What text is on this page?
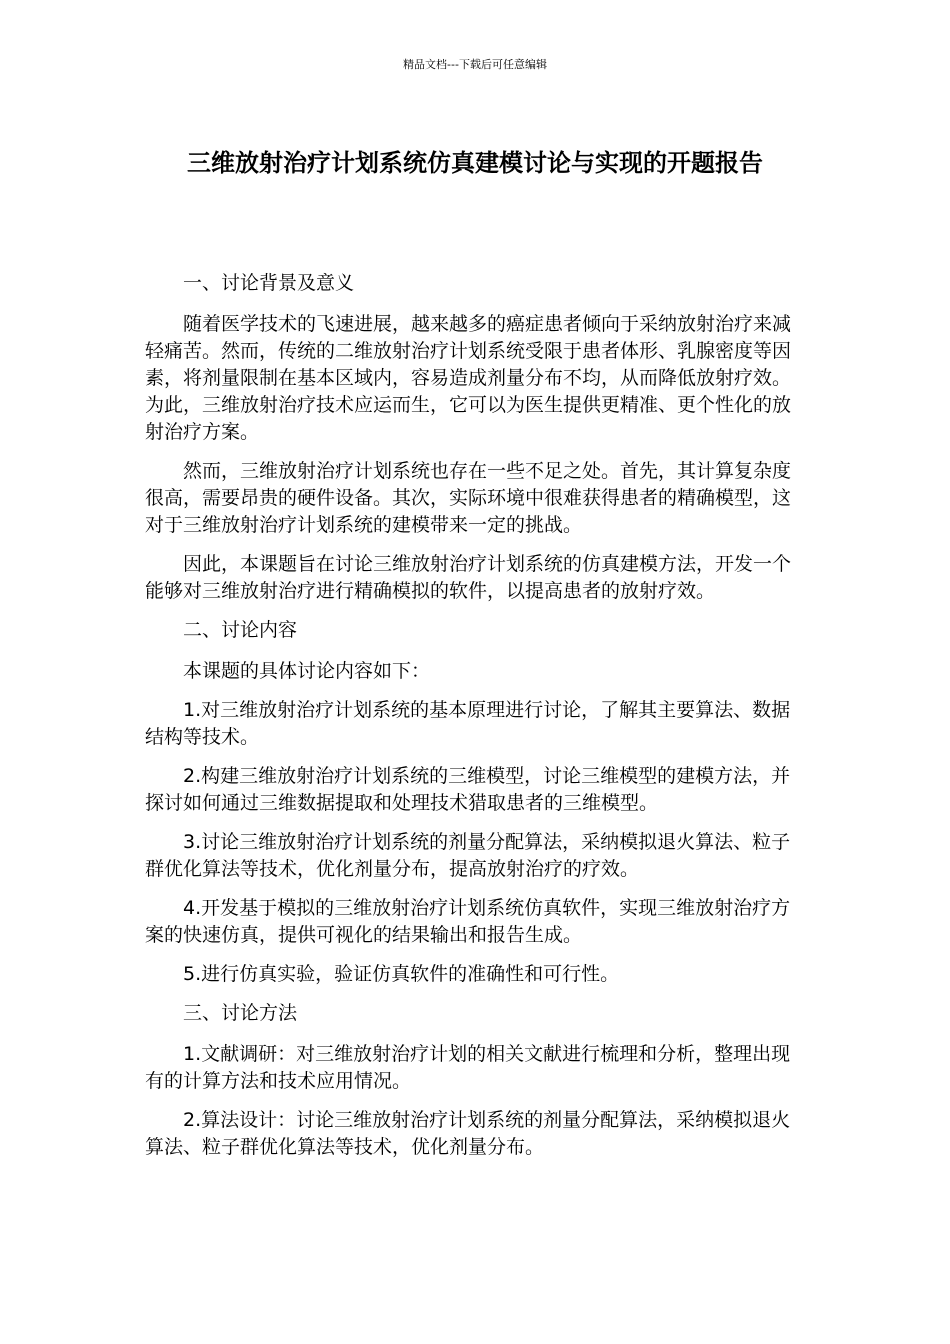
精品文档---下载后可任意编辑
三维放射治疗计划系统仿真建模讨论与实现的开题报告

一、讨论背景及意义

随着医学技术的飞速进展，越来越多的癌症患者倾向于采纳放射治疗来减轻痛苦。然而，传统的二维放射治疗计划系统受限于患者体形、乳腺密度等因素，将剂量限制在基本区域内，容易造成剂量分布不均，从而降低放射疗效。为此，三维放射治疗技术应运而生，它可以为医生提供更精准、更个性化的放射治疗方案。

然而，三维放射治疗计划系统也存在一些不足之处。首先，其计算复杂度很高，需要昂贵的硬件设备。其次，实际环境中很难获得患者的精确模型，这对于三维放射治疗计划系统的建模带来一定的挑战。

因此，本课题旨在讨论三维放射治疗计划系统的仿真建模方法，开发一个能够对三维放射治疗进行精确模拟的软件，以提高患者的放射疗效。

二、讨论内容

本课题的具体讨论内容如下：

1.对三维放射治疗计划系统的基本原理进行讨论，了解其主要算法、数据结构等技术。

2.构建三维放射治疗计划系统的三维模型，讨论三维模型的建模方法，并探讨如何通过三维数据提取和处理技术猎取患者的三维模型。

3.讨论三维放射治疗计划系统的剂量分配算法，采纳模拟退火算法、粒子群优化算法等技术，优化剂量分布，提高放射治疗的疗效。

4.开发基于模拟的三维放射治疗计划系统仿真软件，实现三维放射治疗方案的快速仿真，提供可视化的结果输出和报告生成。

5.进行仿真实验，验证仿真软件的准确性和可行性。

三、讨论方法

1.文献调研：对三维放射治疗计划的相关文献进行梳理和分析，整理出现有的计算方法和技术应用情况。

2.算法设计：讨论三维放射治疗计划系统的剂量分配算法，采纳模拟退火算法、粒子群优化算法等技术，优化剂量分布。
